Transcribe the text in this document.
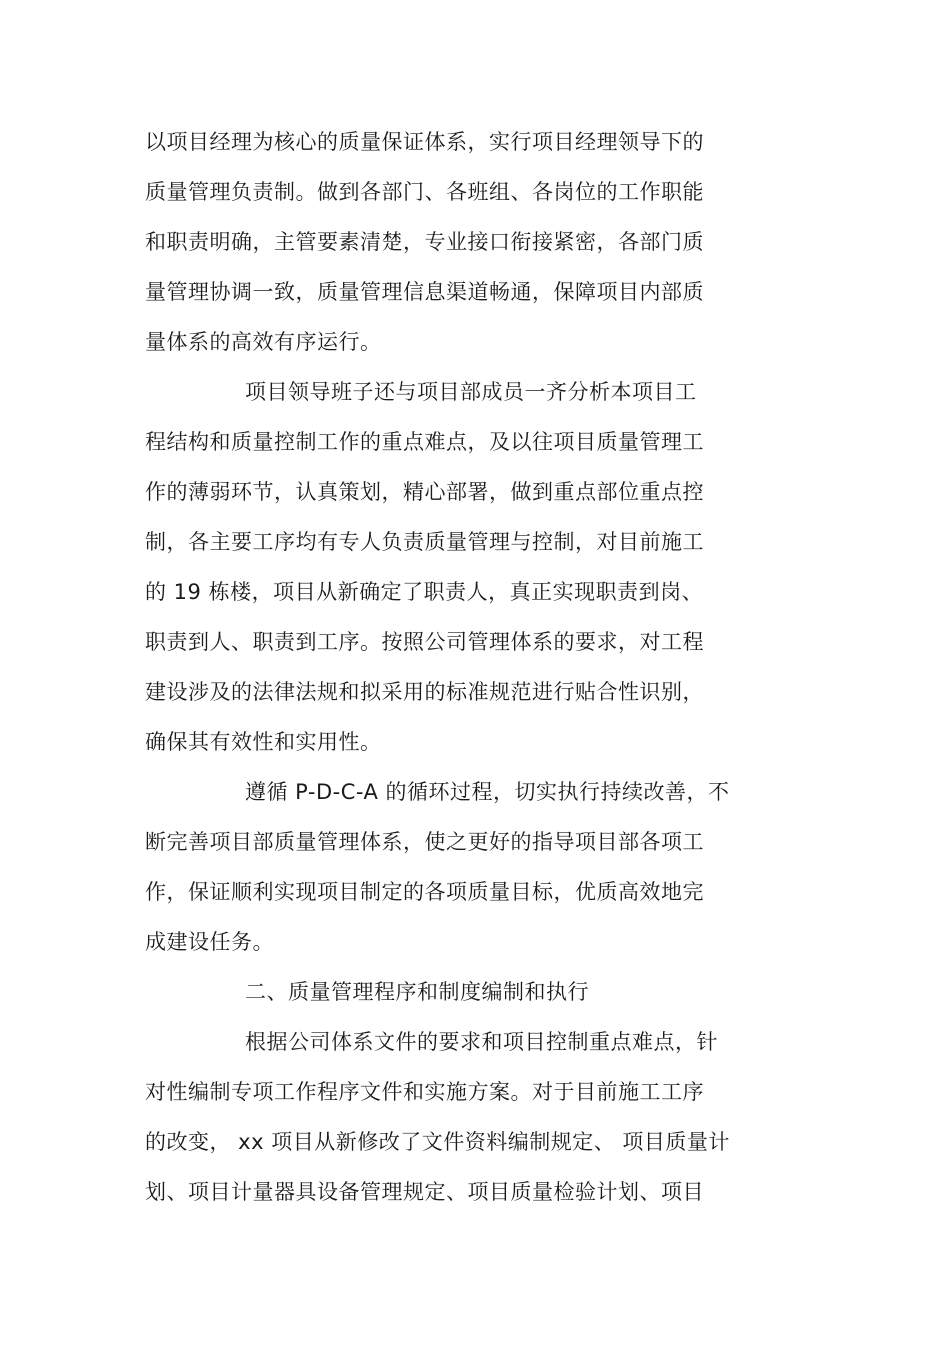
以项目经理为核心的质量保证体系，实行项目经理领导下的
质量管理负责制。做到各部门、各班组、各岗位的工作职能
和职责明确，主管要素清楚，专业接口衔接紧密，各部门质
量管理协调一致，质量管理信息渠道畅通，保障项目内部质
量体系的高效有序运行。
项目领导班子还与项目部成员一齐分析本项目工
程结构和质量控制工作的重点难点，及以往项目质量管理工
作的薄弱环节，认真策划，精心部署，做到重点部位重点控
制，各主要工序均有专人负责质量管理与控制，对目前施工
的 19 栋楼，项目从新确定了职责人，真正实现职责到岗、
职责到人、职责到工序。按照公司管理体系的要求，对工程
建设涉及的法律法规和拟采用的标准规范进行贴合性识别，
确保其有效性和实用性。
遵循 P-D-C-A 的循环过程，切实执行持续改善，不
断完善项目部质量管理体系，使之更好的指导项目部各项工
作，保证顺利实现项目制定的各项质量目标，优质高效地完
成建设任务。
二、质量管理程序和制度编制和执行
根据公司体系文件的要求和项目控制重点难点，针
对性编制专项工作程序文件和实施方案。对于目前施工工序
的改变， xx 项目从新修改了文件资料编制规定、 项目质量计
划、项目计量器具设备管理规定、项目质量检验计划、项目
